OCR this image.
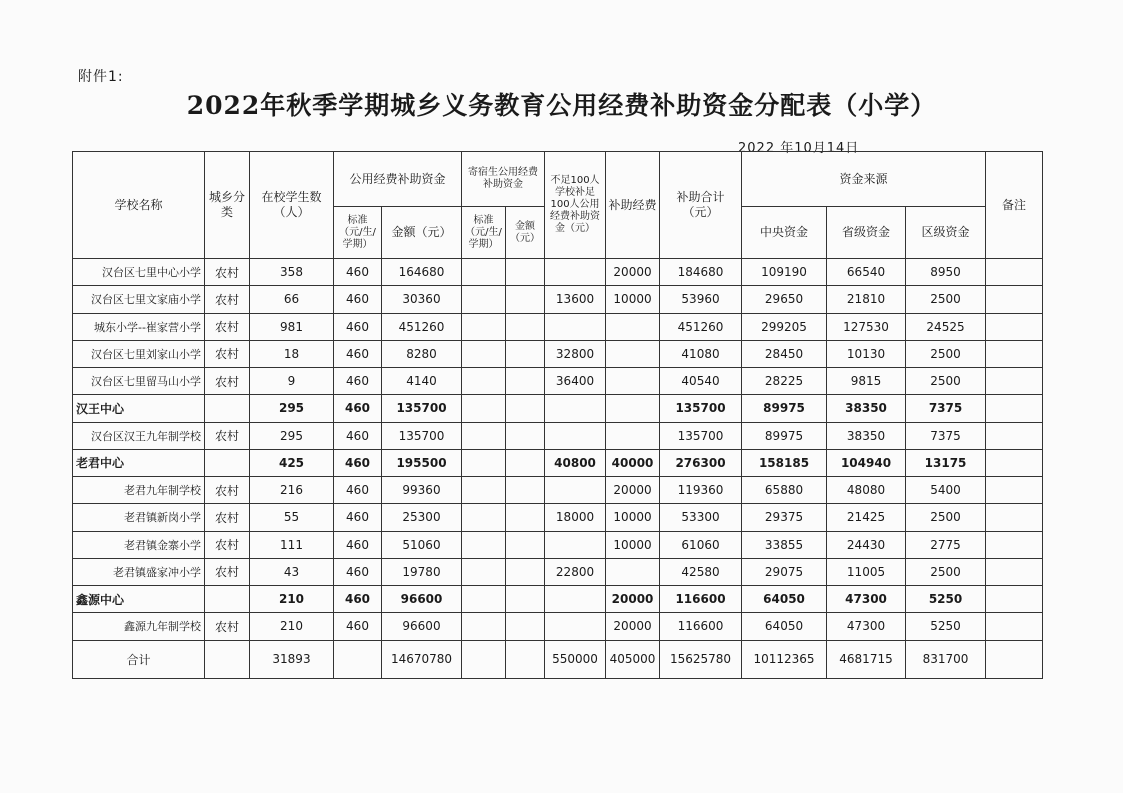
附件1:
2022年秋季学期城乡义务教育公用经费补助资金分配表（小学）
2022 年10月14日
学校名称	城乡分类	在校学生数（人）	公用经费补助资金		寄宿生公用经费补助资金		不足100人学校补足100人公用经费补助资金（元）	补助经费	补助合计（元）	资金来源			备注
			标准（元/生/学期）	金额（元）	标准（元/生/学期）	金额（元）				中央资金	省级资金	区级资金	
汉台区七里中心小学	农村	358	460	164680				20000	184680	109190	66540	8950	
汉台区七里文家庙小学	农村	66	460	30360			13600	10000	53960	29650	21810	2500	
城东小学--崔家营小学	农村	981	460	451260					451260	299205	127530	24525	
汉台区七里刘家山小学	农村	18	460	8280			32800		41080	28450	10130	2500	
汉台区七里留马山小学	农村	9	460	4140			36400		40540	28225	9815	2500	
汉王中心		295	460	135700					135700	89975	38350	7375	
汉台区汉王九年制学校	农村	295	460	135700					135700	89975	38350	7375	
老君中心		425	460	195500			40800	40000	276300	158185	104940	13175	
老君九年制学校	农村	216	460	99360				20000	119360	65880	48080	5400	
老君镇新岗小学	农村	55	460	25300			18000	10000	53300	29375	21425	2500	
老君镇金寨小学	农村	111	460	51060				10000	61060	33855	24430	2775	
老君镇盛家冲小学	农村	43	460	19780			22800		42580	29075	11005	2500	
鑫源中心		210	460	96600				20000	116600	64050	47300	5250	
鑫源九年制学校	农村	210	460	96600				20000	116600	64050	47300	5250	
合计		31893		14670780			550000	405000	15625780	10112365	4681715	831700	
